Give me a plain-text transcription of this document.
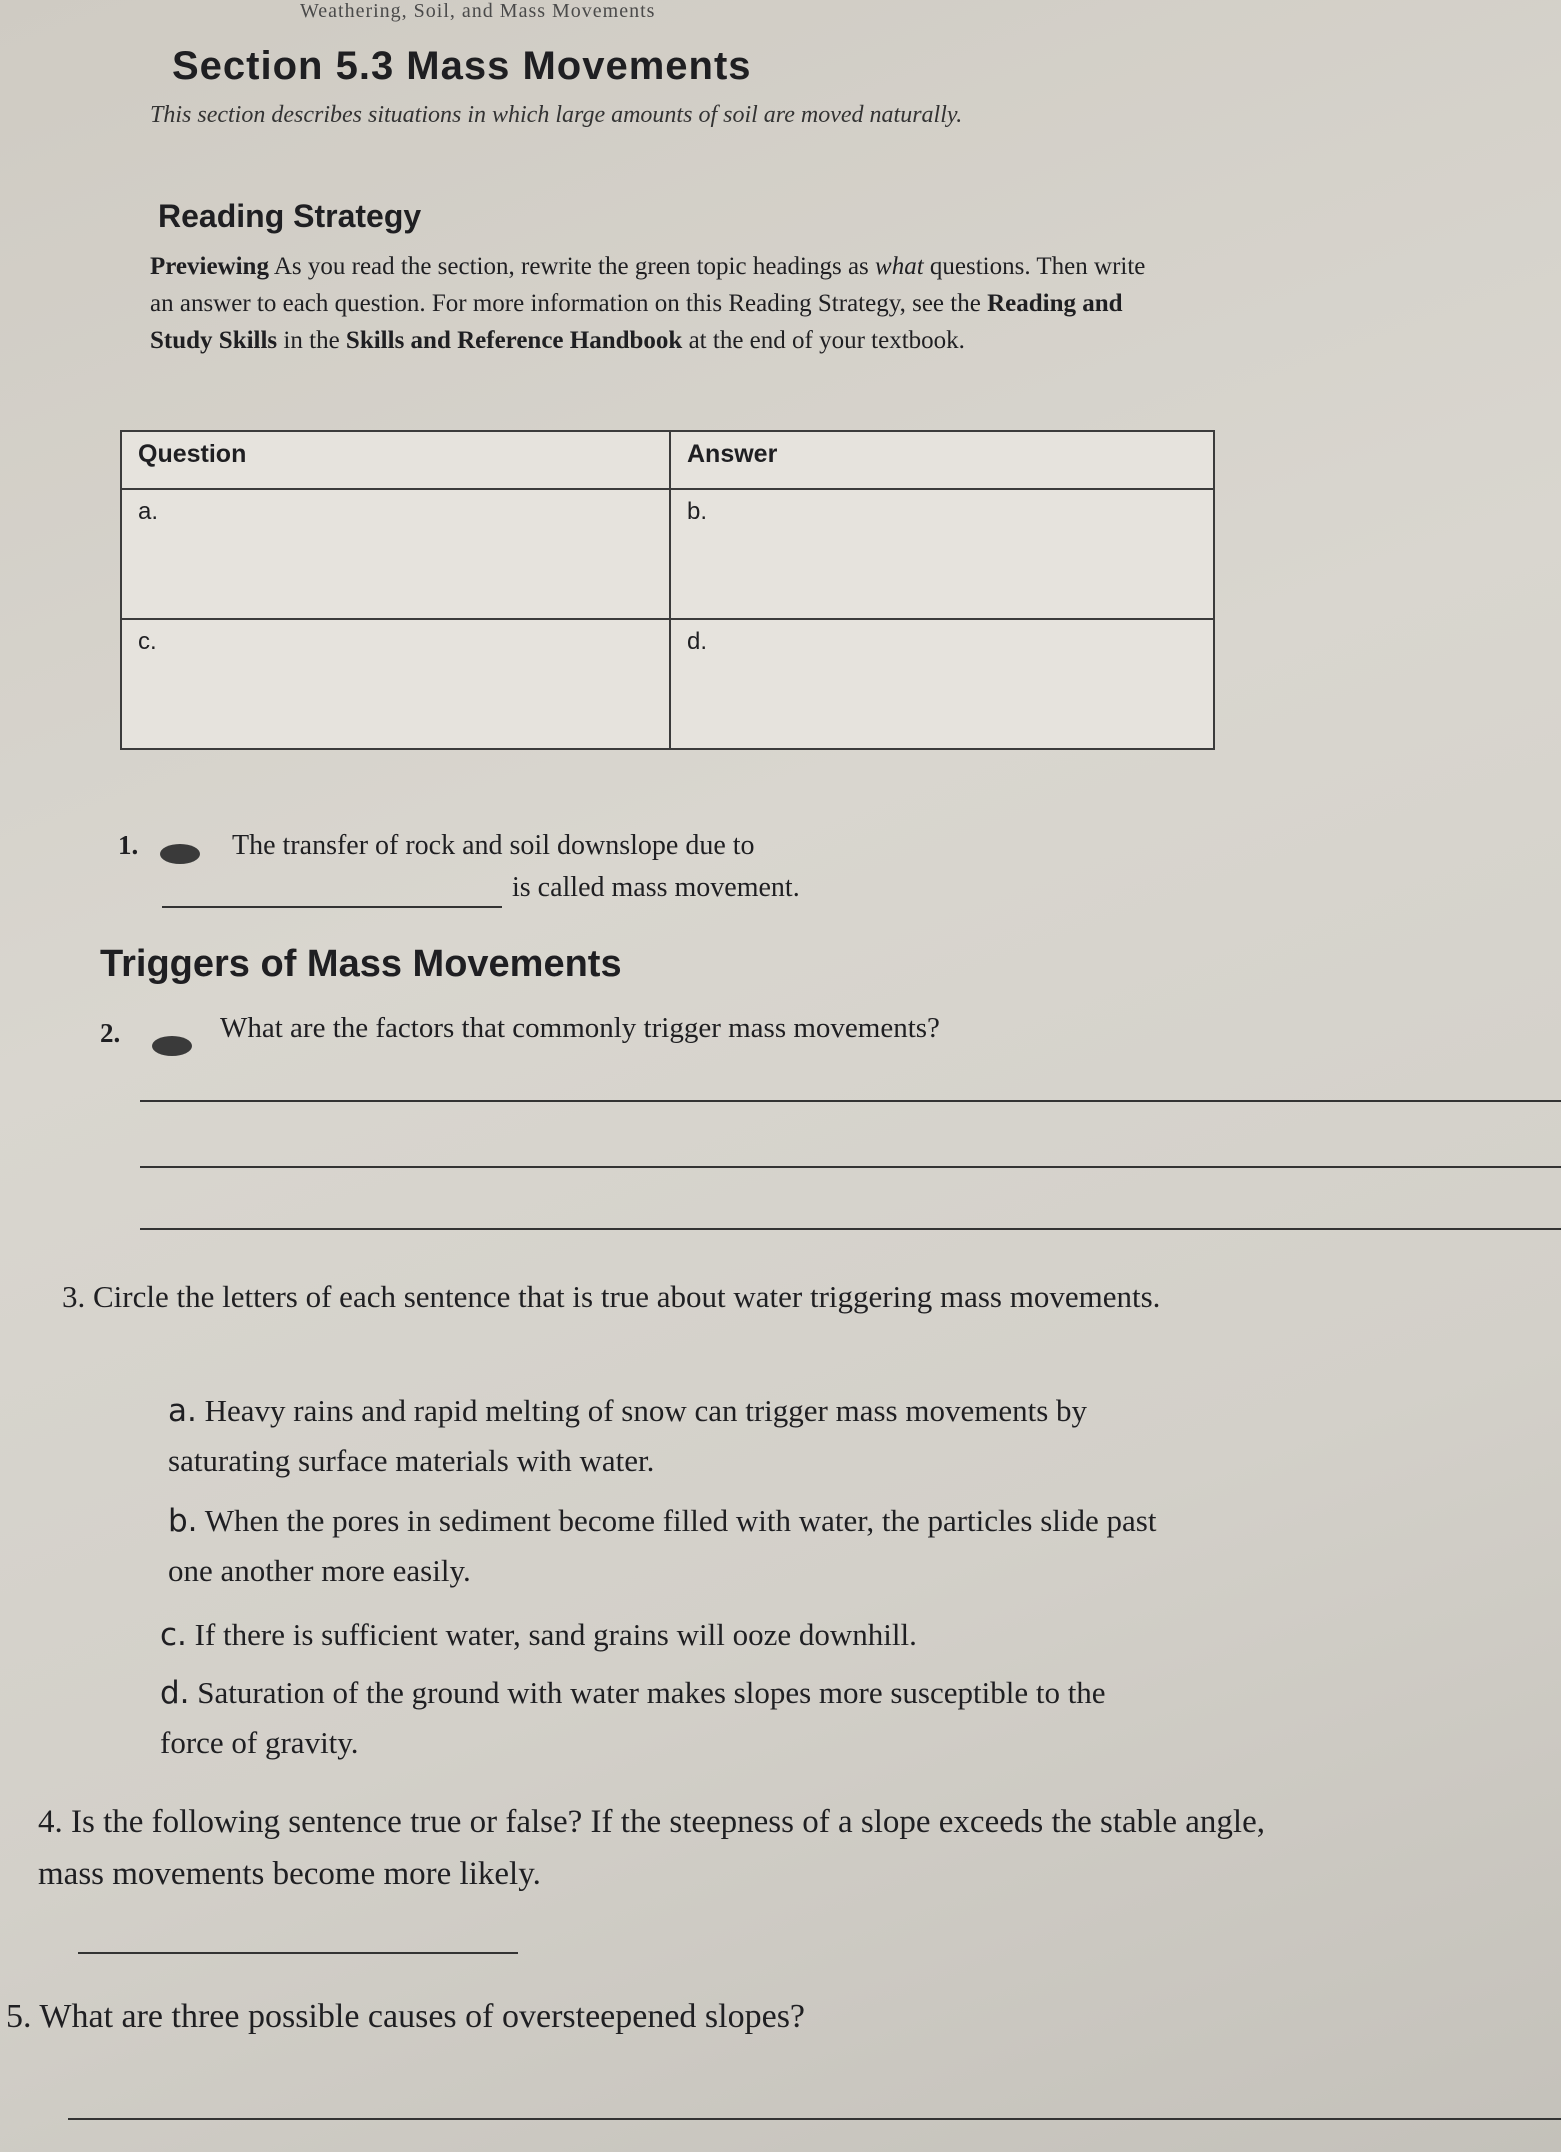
Weathering, Soil, and Mass Movements
Section 5.3 Mass Movements
This section describes situations in which large amounts of soil are moved naturally.
Reading Strategy
Previewing As you read the section, rewrite the green topic headings as what questions. Then write an answer to each question. For more information on this Reading Strategy, see the Reading and Study Skills in the Skills and Reference Handbook at the end of your textbook.
Question	Answer
a.	b.
c.	d.
1.	The transfer of rock and soil downslope due to
is called mass movement.
Triggers of Mass Movements
2.	What are the factors that commonly trigger mass movements?
3. Circle the letters of each sentence that is true about water triggering mass movements.
a. Heavy rains and rapid melting of snow can trigger mass movements by saturating surface materials with water.
b. When the pores in sediment become filled with water, the particles slide past one another more easily.
c. If there is sufficient water, sand grains will ooze downhill.
d. Saturation of the ground with water makes slopes more susceptible to the force of gravity.
4. Is the following sentence true or false? If the steepness of a slope exceeds the stable angle, mass movements become more likely.
5. What are three possible causes of oversteepened slopes?
